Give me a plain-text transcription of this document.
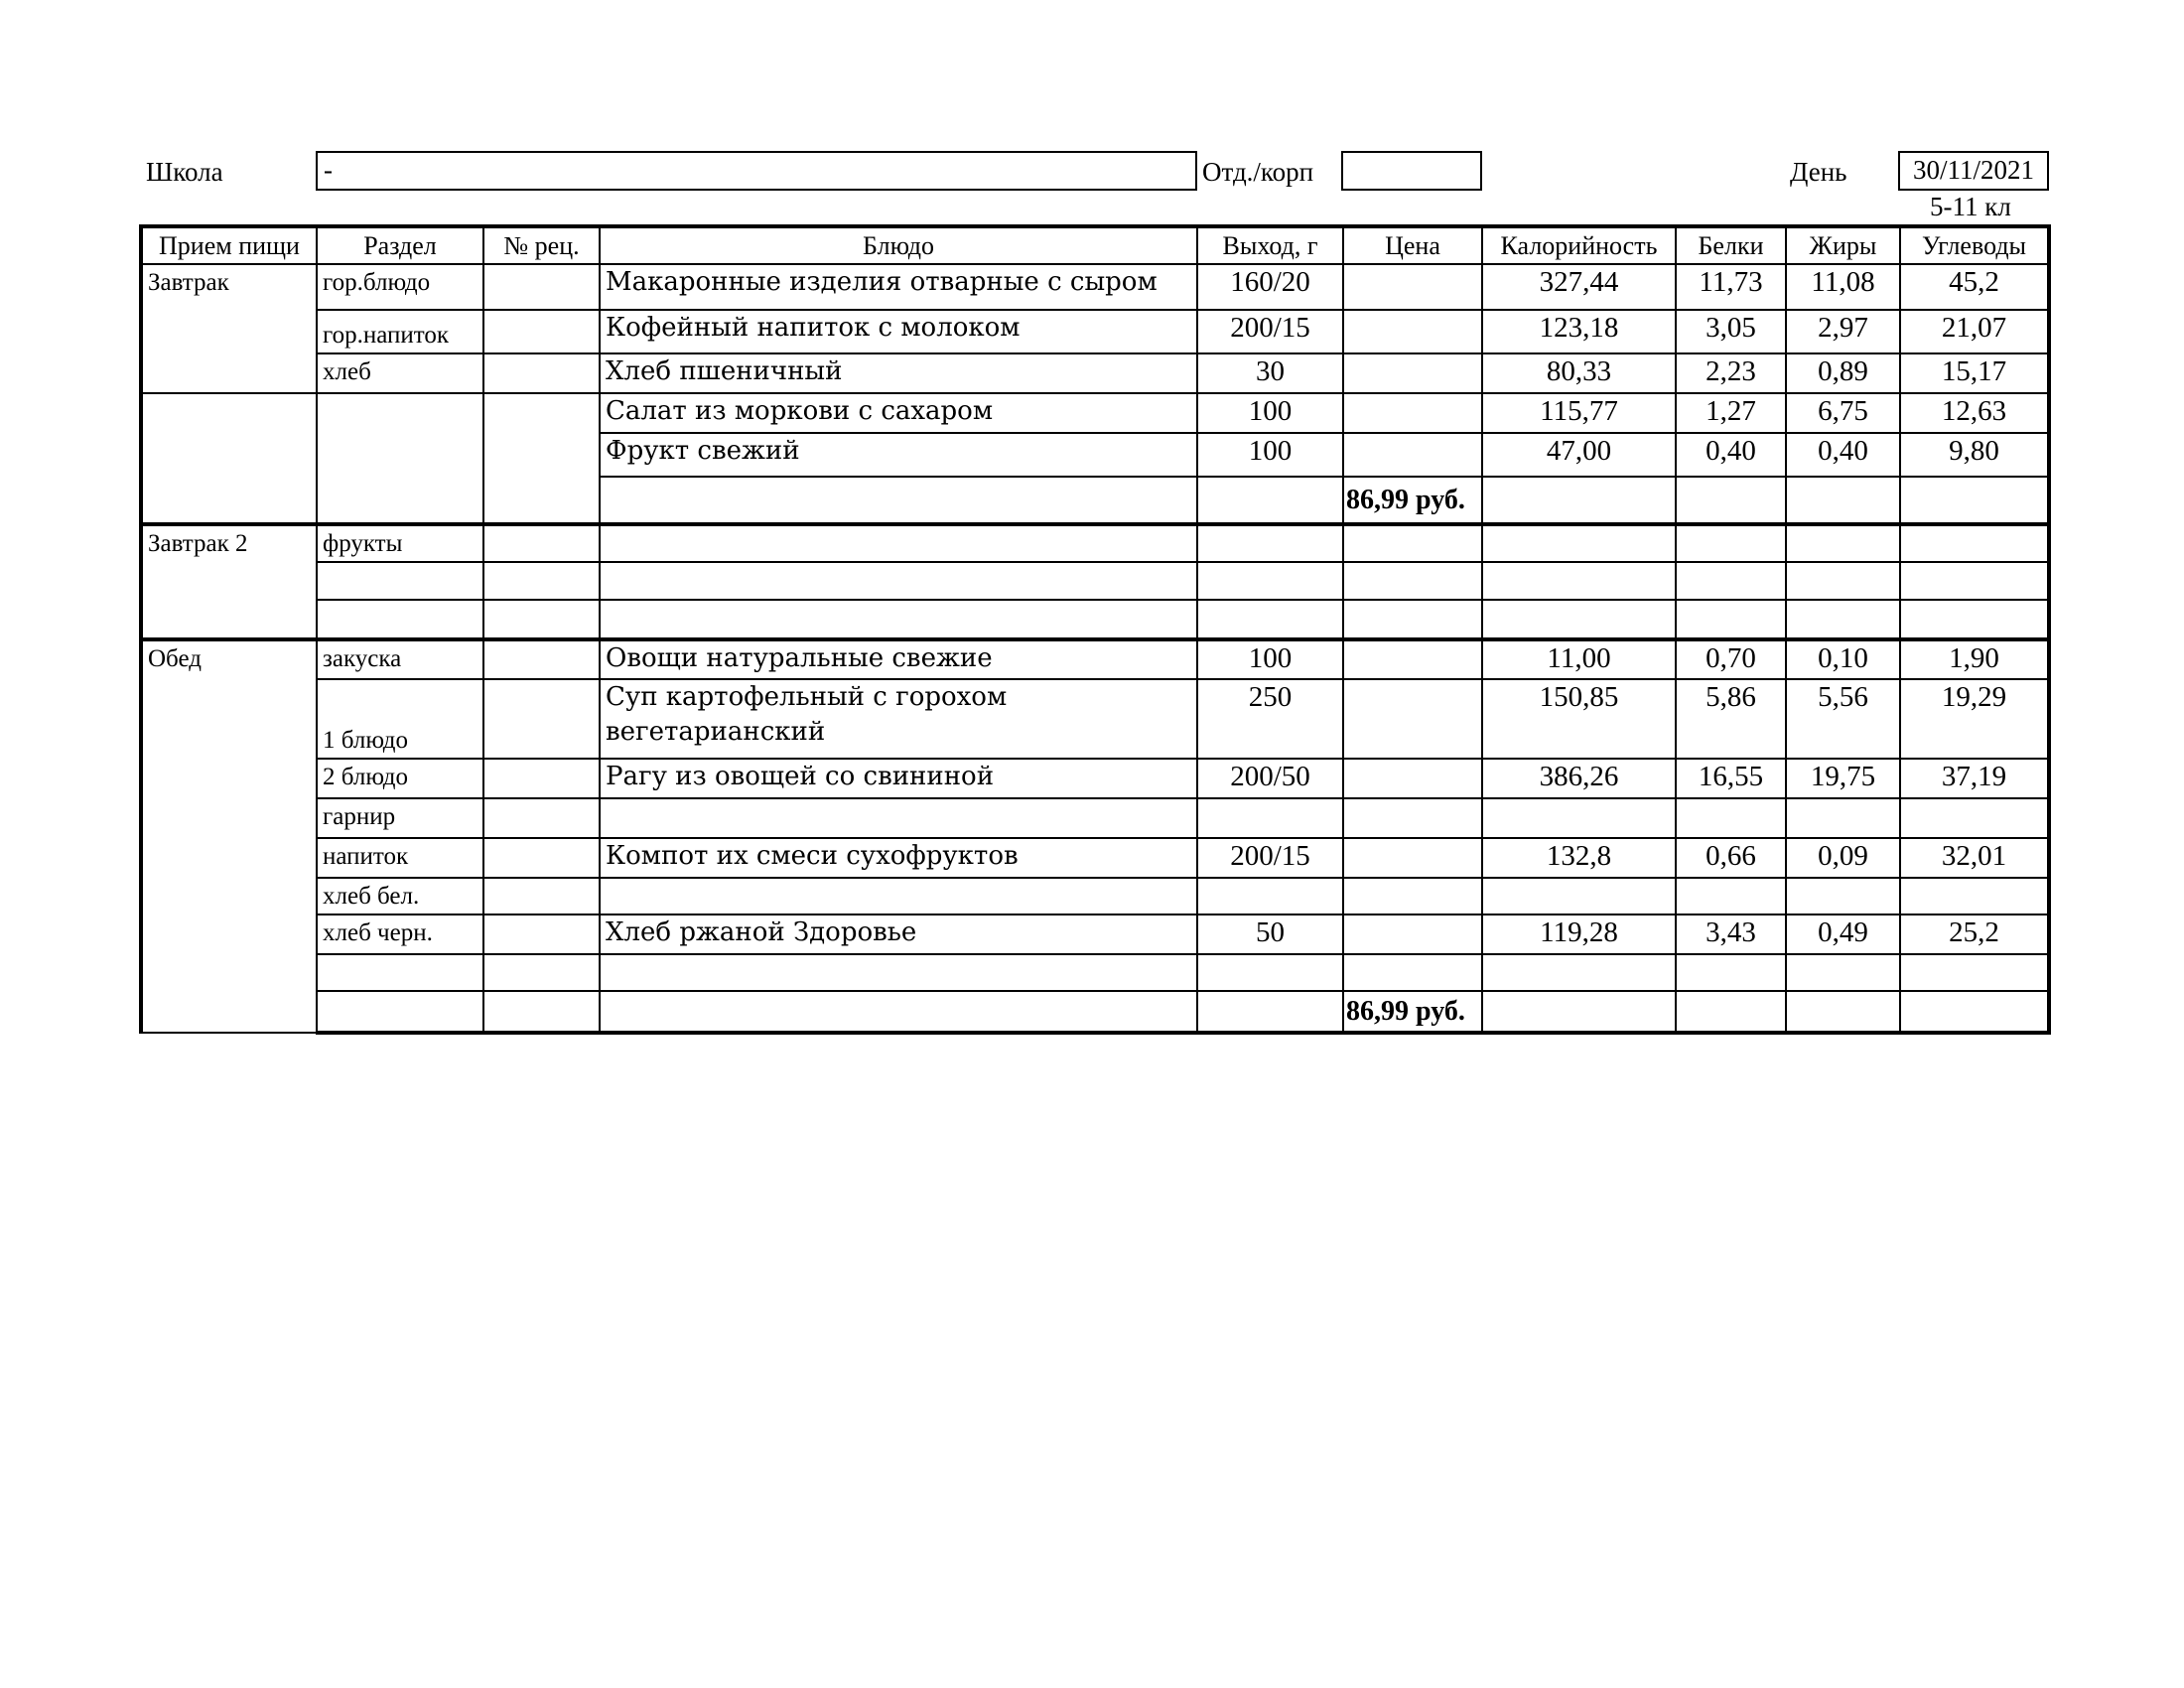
Школа	-	Отд./корп	День	30/11/2021
5-11 кл
Прием пищи	Раздел	№ рец.	Блюдо	Выход, г	Цена	Калорийность	Белки	Жиры	Углеводы
Завтрак	гор.блюдо		Макаронные изделия отварные с сыром	160/20		327,44	11,73	11,08	45,2
	гор.напиток		Кофейный напиток с молоком	200/15		123,18	3,05	2,97	21,07
	хлеб		Хлеб пшеничный	30		80,33	2,23	0,89	15,17
			Салат из моркови с сахаром	100		115,77	1,27	6,75	12,63
			Фрукт свежий	100		47,00	0,40	0,40	9,80
					86,99 руб.				
Завтрак 2	фрукты								

Обед	закуска		Овощи натуральные свежие	100		11,00	0,70	0,10	1,90
	1 блюдо		Суп картофельный с горохом вегетарианский	250		150,85	5,86	5,56	19,29
	2 блюдо		Рагу из овощей со свининой	200/50		386,26	16,55	19,75	37,19
	гарнир								
	напиток		Компот их смеси сухофруктов	200/15		132,8	0,66	0,09	32,01
	хлеб бел.								
	хлеб черн.		Хлеб ржаной Здоровье	50		119,28	3,43	0,49	25,2

					86,99 руб.				
